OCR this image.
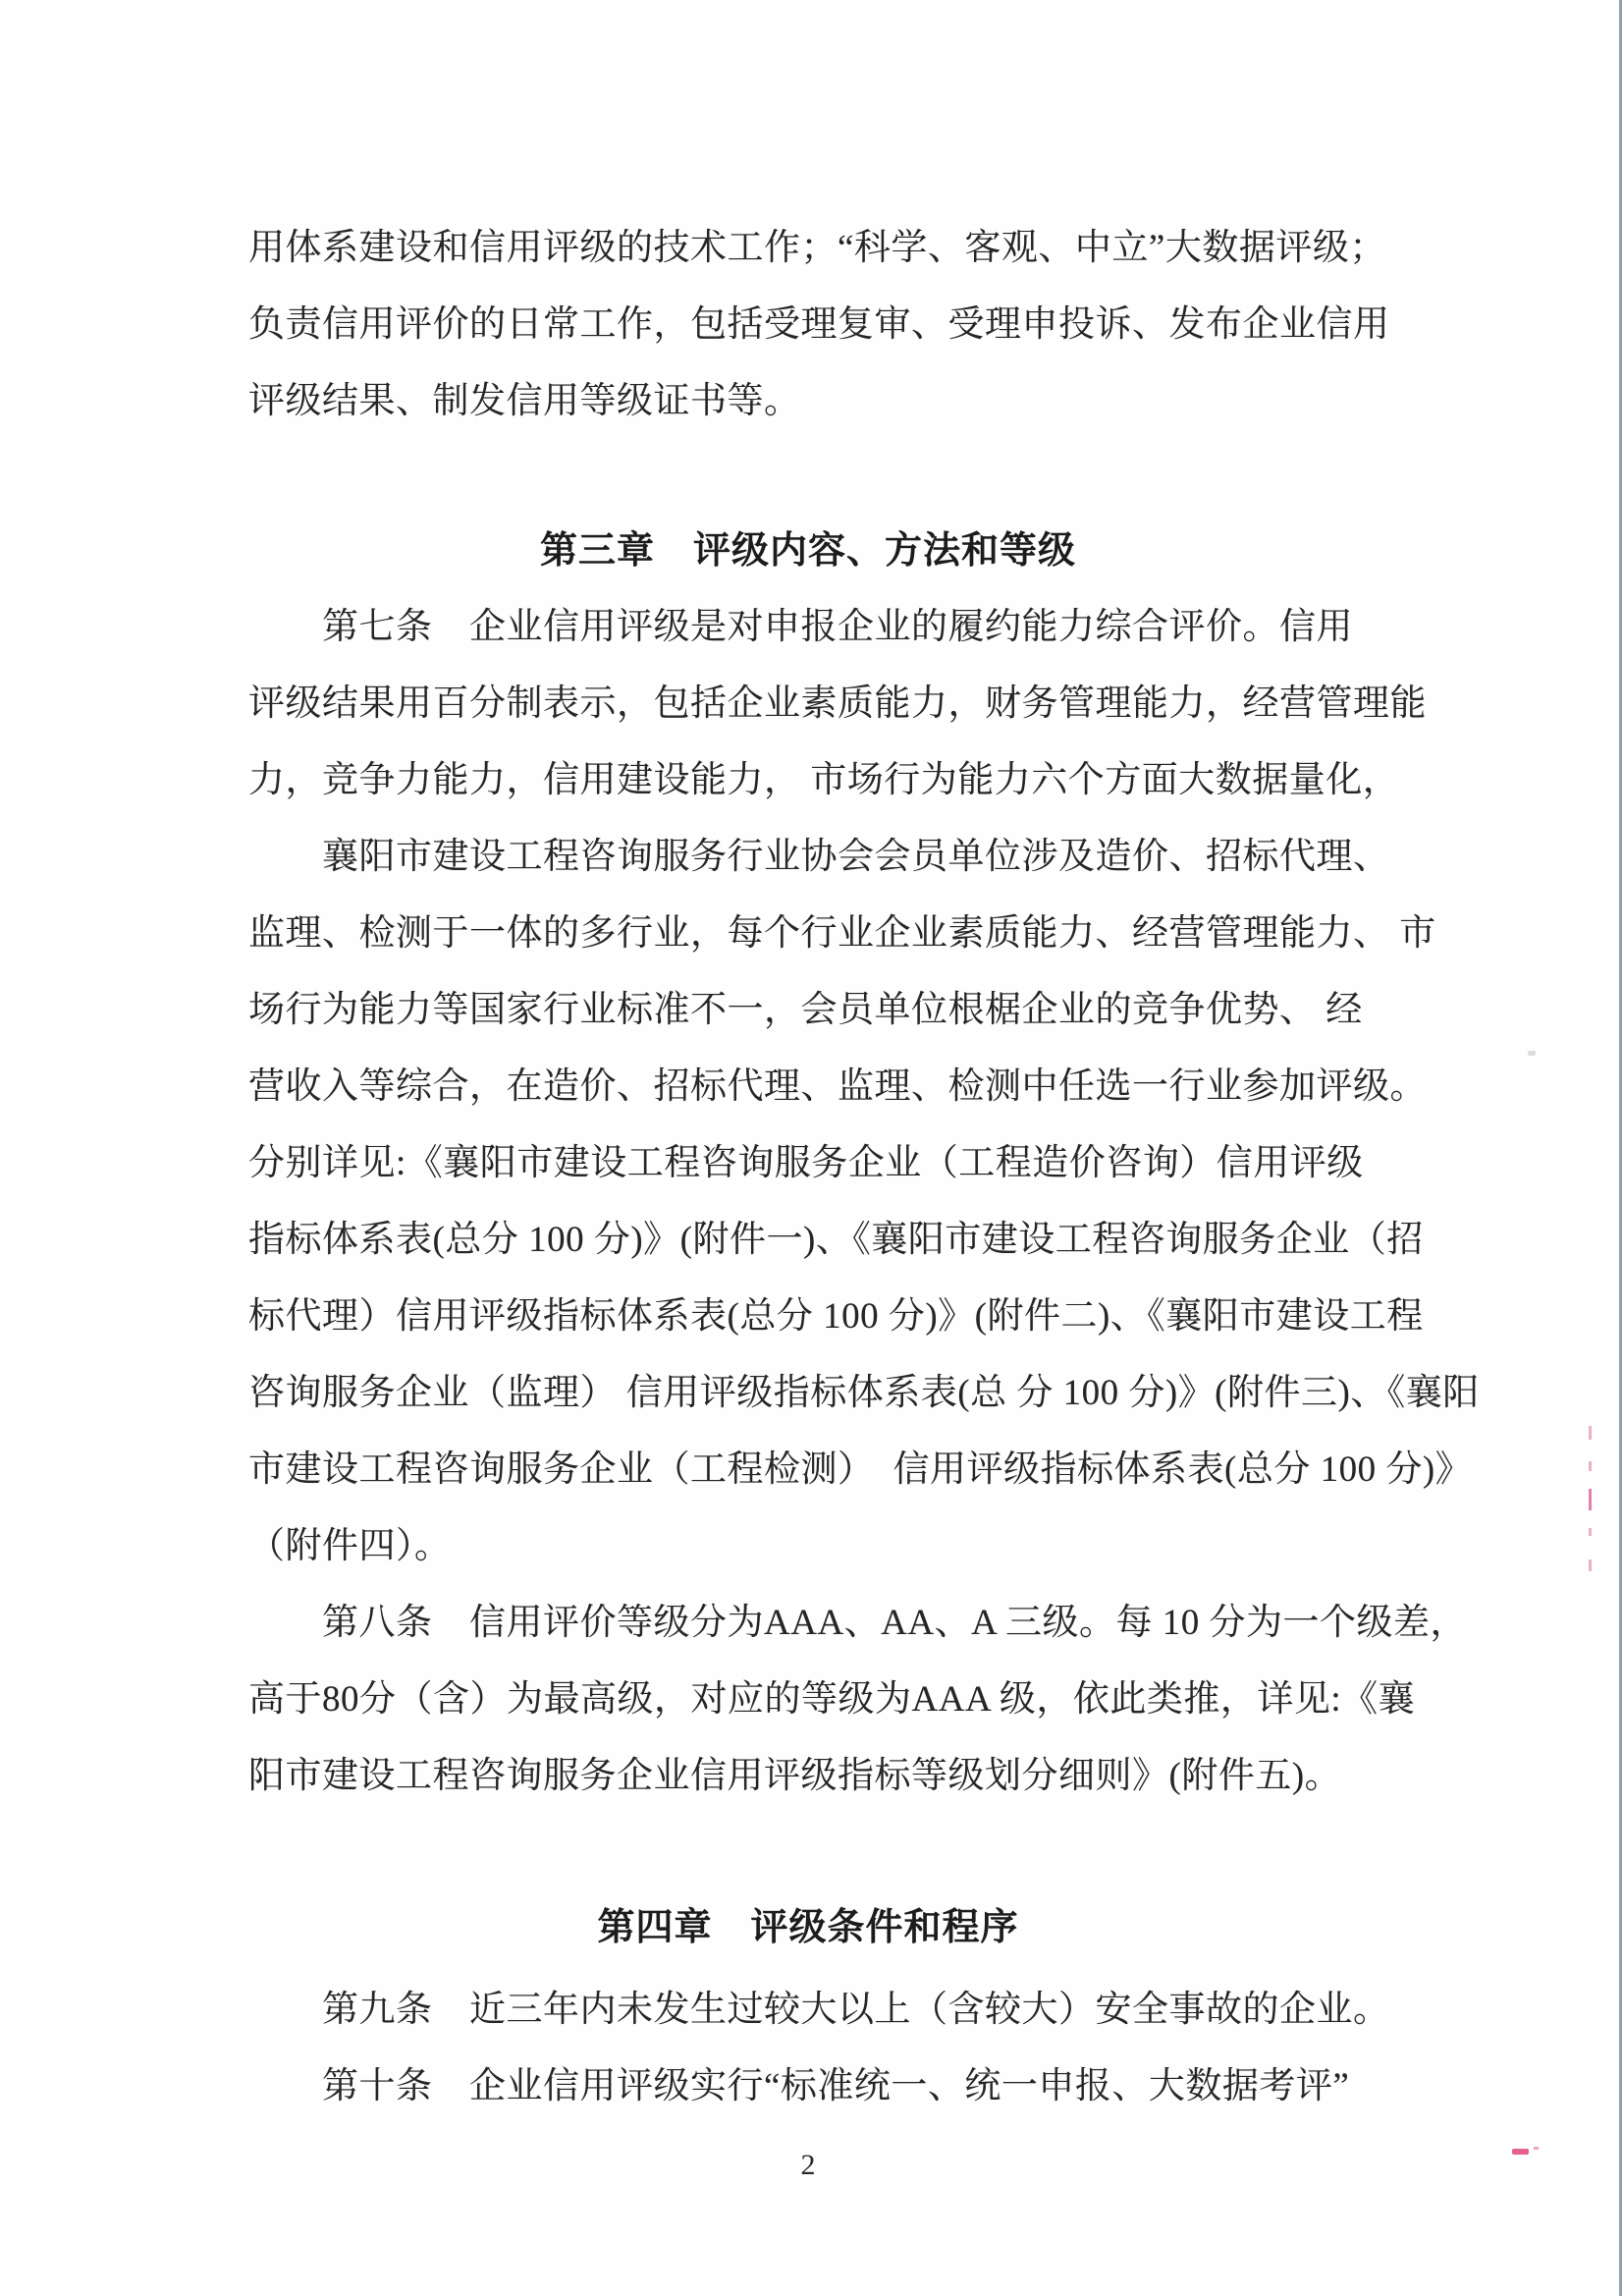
用体系建设和信用评级的技术工作；“科学、客观、中立”大数据评级；
负责信用评价的日常工作，包括受理复审、受理申投诉、发布企业信用
评级结果、制发信用等级证书等。
第三章　评级内容、方法和等级
　　第七条　企业信用评级是对申报企业的履约能力综合评价。信用
评级结果用百分制表示，包括企业素质能力，财务管理能力，经营管理能
力，竞争力能力，信用建设能力， 市场行为能力六个方面大数据量化，
　　襄阳市建设工程咨询服务行业协会会员单位涉及造价、招标代理、
监理、检测于一体的多行业，每个行业企业素质能力、经营管理能力、 市
场行为能力等国家行业标准不一，会员单位根椐企业的竞争优势、 经
营收入等综合，在造价、招标代理、监理、检测中任选一行业参加评级。
分别详见:《襄阳市建设工程咨询服务企业（工程造价咨询）信用评级
指标体系表(总分 100 分)》(附件一)、《襄阳市建设工程咨询服务企业（招
标代理）信用评级指标体系表(总分 100 分)》(附件二)、《襄阳市建设工程
咨询服务企业（监理） 信用评级指标体系表(总 分 100 分)》(附件三)、《襄阳
市建设工程咨询服务企业（工程检测）　信用评级指标体系表(总分 100 分)》
（附件四）。
　　第八条　信用评价等级分为AAA、AA、A 三级。每 10 分为一个级差，
高于80分（含）为最高级，对应的等级为AAA 级，依此类推，详见:《襄
阳市建设工程咨询服务企业信用评级指标等级划分细则》(附件五)。
第四章　评级条件和程序
　　第九条　近三年内未发生过较大以上（含较大）安全事故的企业。
　　第十条　企业信用评级实行“标准统一、统一申报、大数据考评”
2
